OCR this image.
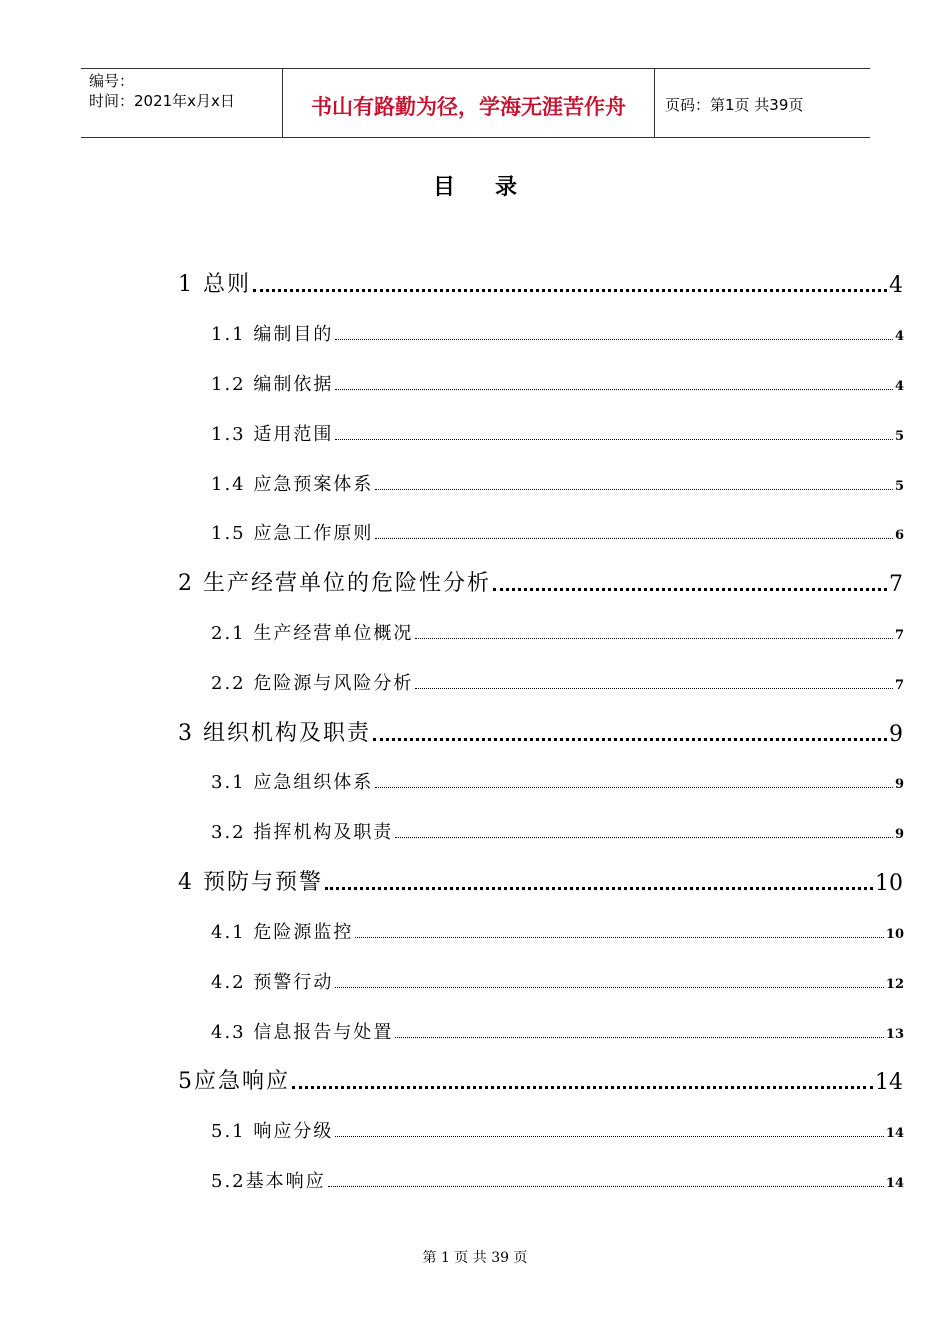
编号：
时间：2021年x月x日	书山有路勤为径，学海无涯苦作舟	页码：第1页 共39页
目录
1 总则	4
1.1 编制目的	4
1.2 编制依据	4
1.3 适用范围	5
1.4 应急预案体系	5
1.5 应急工作原则	6
2 生产经营单位的危险性分析	7
2.1 生产经营单位概况	7
2.2 危险源与风险分析	7
3 组织机构及职责	9
3.1 应急组织体系	9
3.2 指挥机构及职责	9
4 预防与预警	10
4.1 危险源监控	10
4.2 预警行动	12
4.3 信息报告与处置	13
5应急响应	14
5.1 响应分级	14
5.2基本响应	14
第 1 页 共 39 页
